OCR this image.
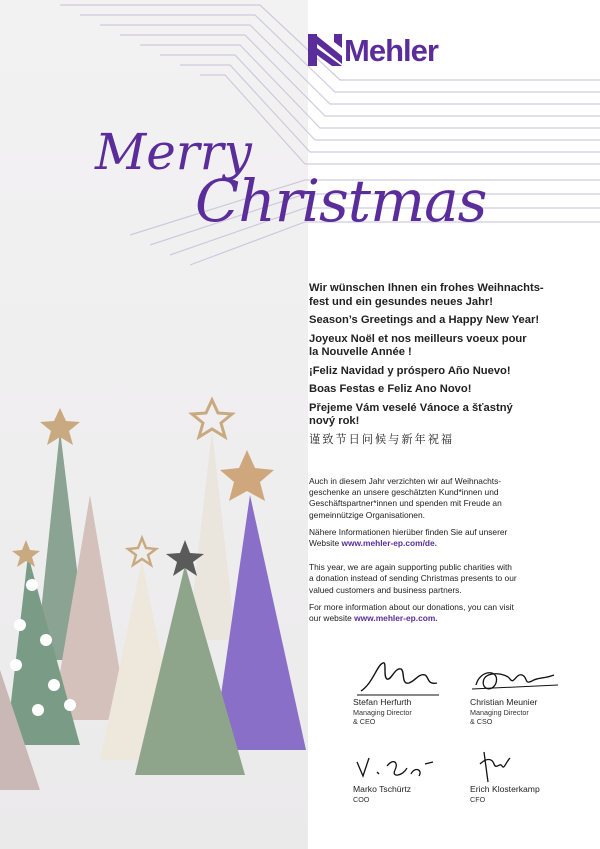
Mehler
Merry
Christmas

Wir wünschen Ihnen ein frohes Weihnachts-
fest und ein gesundes neues Jahr!

Season’s Greetings and a Happy New Year!

Joyeux Noël et nos meilleurs voeux pour
la Nouvelle Année !

¡Feliz Navidad y próspero Año Nuevo!

Boas Festas e Feliz Ano Novo!

Přejeme Vám veselé Vánoce a šťastný
nový rok!

谨致节日问候与新年祝福

Auch in diesem Jahr verzichten wir auf Weihnachts-
geschenke an unsere geschätzten Kund*innen und
Geschäftspartner*innen und spenden mit Freude an
gemeinnützige Organisationen.

Nähere Informationen hierüber finden Sie auf unserer
Website www.mehler-ep.com/de.

This year, we are again supporting public charities with
a donation instead of sending Christmas presents to our
valued customers and business partners.

For more information about our donations, you can visit
our website www.mehler-ep.com.

Stefan Herfurth
Managing Director
& CEO
Christian Meunier
Managing Director
& CSO
Marko Tschürtz
COO
Erich Klosterkamp
CFO
